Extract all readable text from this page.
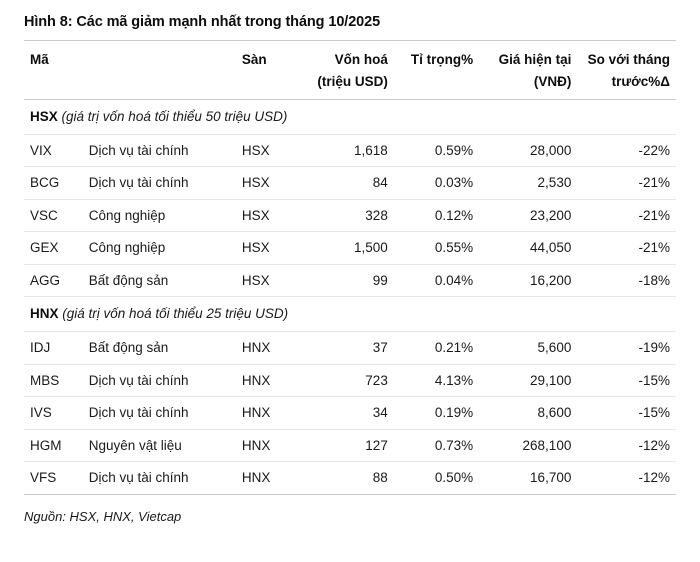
Hình 8: Các mã giảm mạnh nhất trong tháng 10/2025
Mã		Sàn	Vốn hoá	Tỉ trọng%	Giá hiện tại	So với tháng
			(triệu USD)		(VNĐ)	trước%Δ
HSX (giá trị vốn hoá tối thiểu 50 triệu USD)						
VIX	Dịch vụ tài chính	HSX	1,618	0.59%	28,000	-22%
BCG	Dịch vụ tài chính	HSX	84	0.03%	2,530	-21%
VSC	Công nghiệp	HSX	328	0.12%	23,200	-21%
GEX	Công nghiệp	HSX	1,500	0.55%	44,050	-21%
AGG	Bất động sản	HSX	99	0.04%	16,200	-18%
HNX (giá trị vốn hoá tối thiểu 25 triệu USD)						
IDJ	Bất động sản	HNX	37	0.21%	5,600	-19%
MBS	Dịch vụ tài chính	HNX	723	4.13%	29,100	-15%
IVS	Dịch vụ tài chính	HNX	34	0.19%	8,600	-15%
HGM	Nguyên vật liệu	HNX	127	0.73%	268,100	-12%
VFS	Dịch vụ tài chính	HNX	88	0.50%	16,700	-12%
Nguồn: HSX, HNX, Vietcap
